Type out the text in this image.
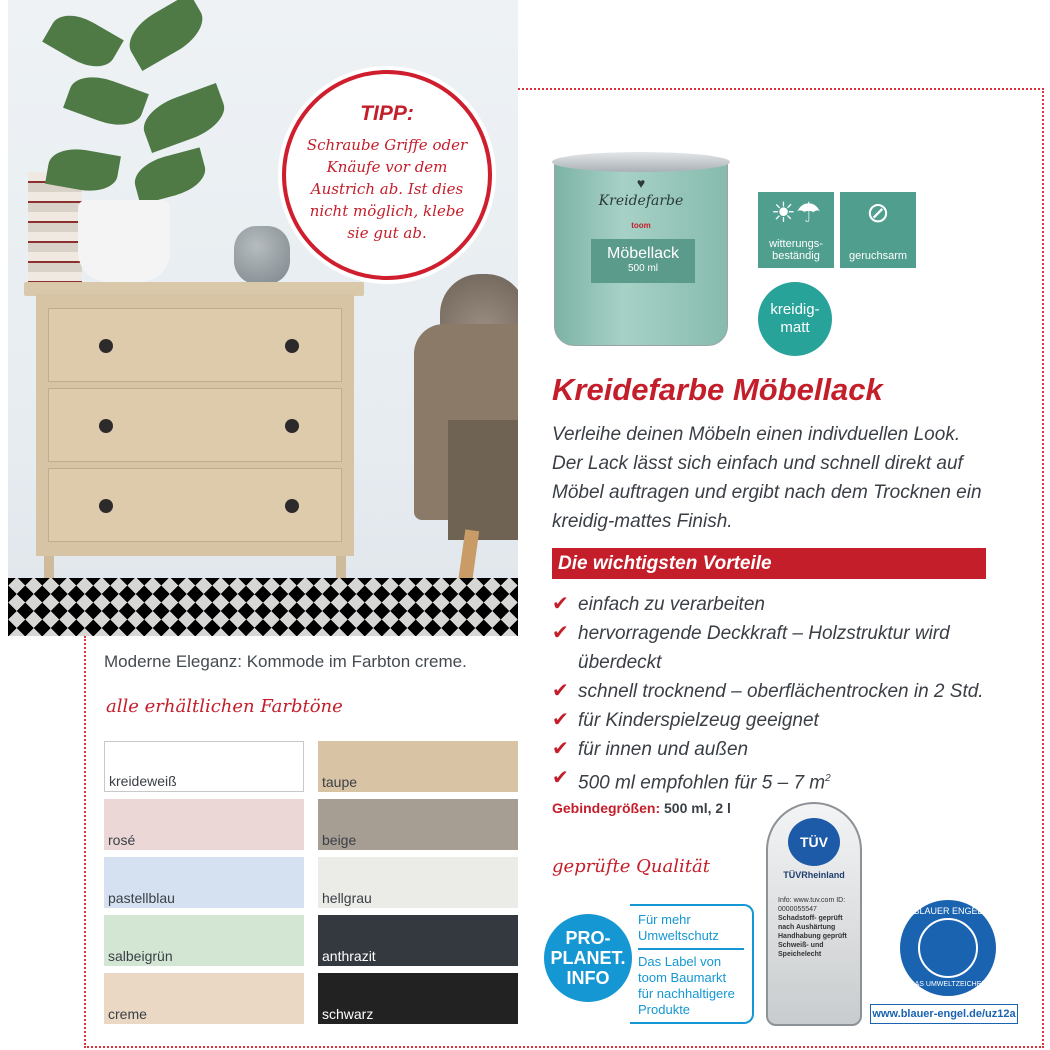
TIPP:
Schraube Griffe oder Knäufe vor dem Austrich ab. Ist dies nicht möglich, klebe sie gut ab.
Moderne Eleganz: Kommode im Farbton creme.
alle erhältlichen Farbtöne
kreideweiß	taupe
rosé	beige
pastellblau	hellgrau
salbeigrün	anthrazit
creme	schwarz
♥
Kreidefarbe
toom
Möbellack
500 ml
☀☂
witterungs-
beständig
⊘
geruchsarm
kreidig-
matt
Kreidefarbe Möbellack
Verleihe deinen Möbeln einen indivduellen Look. Der Lack lässt sich einfach und schnell direkt auf Möbel auftragen und ergibt nach dem Trocknen ein kreidig-mattes Finish.
Die wichtigsten Vorteile
✔ einfach zu verarbeiten
✔ hervorragende Deckkraft – Holzstruktur wird überdeckt
✔ schnell trocknend – oberflächentrocken in 2 Std.
✔ für Kinderspielzeug geeignet
✔ für innen und außen
✔ 500 ml empfohlen für 5 – 7 $m^2$
Gebindegrößen: 500 ml, 2 l
geprüfte Qualität
PRO-PLANET. INFO
Für mehr Umweltschutz
Das Label von toom Baumarkt für nachhaltigere Produkte
TÜV
TÜVRheinland
Info: www.tuv.com ID: 0000055547
Schadstoff- geprüft nach Aushärtung
Handhabung geprüft
Schweiß- und Speichelecht
BLAUER ENGEL
DAS UMWELTZEICHEN
www.blauer-engel.de/uz12a
